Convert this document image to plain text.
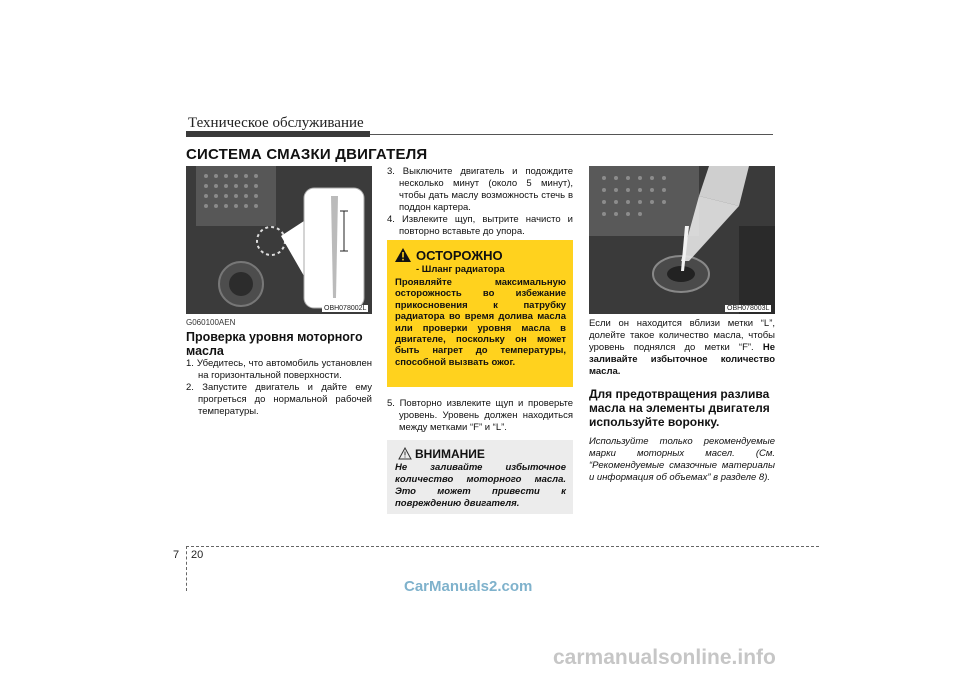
Техническое обслуживание
СИСТЕМА СМАЗКИ ДВИГАТЕЛЯ
OBH078002L
G060100AEN
Проверка уровня моторного масла

1. Убедитесь, что автомобиль установлен на горизонтальной поверхности.

2. Запустите двигатель и дайте ему прогреться до нормальной рабочей температуры.

3. Выключите двигатель и подождите несколько минут (около 5 минут), чтобы дать маслу возможность стечь в поддон картера.

4. Извлеките щуп, вытрите начисто и повторно вставьте до упора.

ОСТОРОЖНО
- Шланг радиатора
Проявляйте максимальную осторожность во избежание прикосновения к патрубку радиатора во время долива масла или проверки уровня масла в двигателе, поскольку он может быть нагрет до температуры, способной вызвать ожог.

5. Повторно извлеките щуп и проверьте уровень. Уровень должен находиться между метками “F” и “L”.

ВНИМАНИЕ
Не заливайте избыточное количество моторного масла. Это может привести к повреждению двигателя.
OBH078003L
Если он находится вблизи метки “L”, долейте такое количество масла, чтобы уровень поднялся до метки “F”. Не заливайте избыточное количество масла.
Для предотвращения разлива масла на элементы двигателя используйте воронку.
Используйте только рекомендуемые марки моторных масел. (См. “Рекомендуемые смазочные материалы и информация об объемах” в разделе 8).
7 20
CarManuals2.com
carmanualsonline.info
